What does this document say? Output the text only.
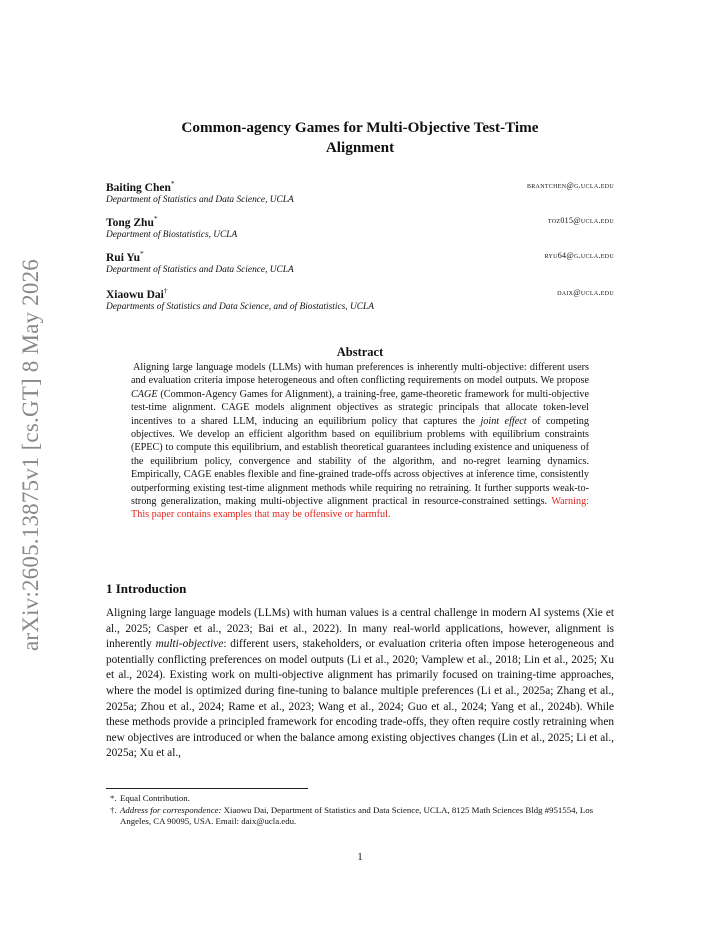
arXiv:2605.13875v1 [cs.GT] 8 May 2026
Common-agency Games for Multi-Objective Test-Time
Alignment
Baiting Chen*	brantchen@g.ucla.edu
Department of Statistics and Data Science, UCLA
Tong Zhu*	toz015@ucla.edu
Department of Biostatistics, UCLA
Rui Yu*	ryu64@g.ucla.edu
Department of Statistics and Data Science, UCLA
Xiaowu Dai†	daix@ucla.edu
Departments of Statistics and Data Science, and of Biostatistics, UCLA
Abstract
Aligning large language models (LLMs) with human preferences is inherently multi-objective: different users and evaluation criteria impose heterogeneous and often conflicting requirements on model outputs. We propose CAGE (Common-Agency Games for Alignment), a training-free, game-theoretic framework for multi-objective test-time alignment. CAGE models alignment objectives as strategic principals that allocate token-level incentives to a shared LLM, inducing an equilibrium policy that captures the joint effect of competing objectives. We develop an efficient algorithm based on equilibrium problems with equilibrium constraints (EPEC) to compute this equilibrium, and establish theoretical guarantees including existence and uniqueness of the equilibrium policy, convergence and stability of the algorithm, and no-regret learning dynamics. Empirically, CAGE enables flexible and fine-grained trade-offs across objectives at inference time, consistently outperforming existing test-time alignment methods while requiring no retraining. It further supports weak-to-strong generalization, making multi-objective alignment practical in resource-constrained settings. Warning: This paper contains examples that may be offensive or harmful.
1 Introduction
Aligning large language models (LLMs) with human values is a central challenge in modern AI systems (Xie et al., 2025; Casper et al., 2023; Bai et al., 2022). In many real-world applications, however, alignment is inherently multi-objective: different users, stakeholders, or evaluation criteria often impose heterogeneous and potentially conflicting preferences on model outputs (Li et al., 2020; Vamplew et al., 2018; Lin et al., 2025; Xu et al., 2024). Existing work on multi-objective alignment has primarily focused on training-time approaches, where the model is optimized during fine-tuning to balance multiple preferences (Li et al., 2025a; Zhang et al., 2025a; Zhou et al., 2024; Rame et al., 2023; Wang et al., 2024; Guo et al., 2024; Yang et al., 2024b). While these methods provide a principled framework for encoding trade-offs, they often require costly retraining when new objectives are introduced or when the balance among existing objectives changes (Lin et al., 2025; Li et al., 2025a; Xu et al.,
*. Equal Contribution.
†. Address for correspondence: Xiaowu Dai, Department of Statistics and Data Science, UCLA, 8125 Math Sciences Bldg #951554, Los Angeles, CA 90095, USA. Email: daix@ucla.edu.
1
